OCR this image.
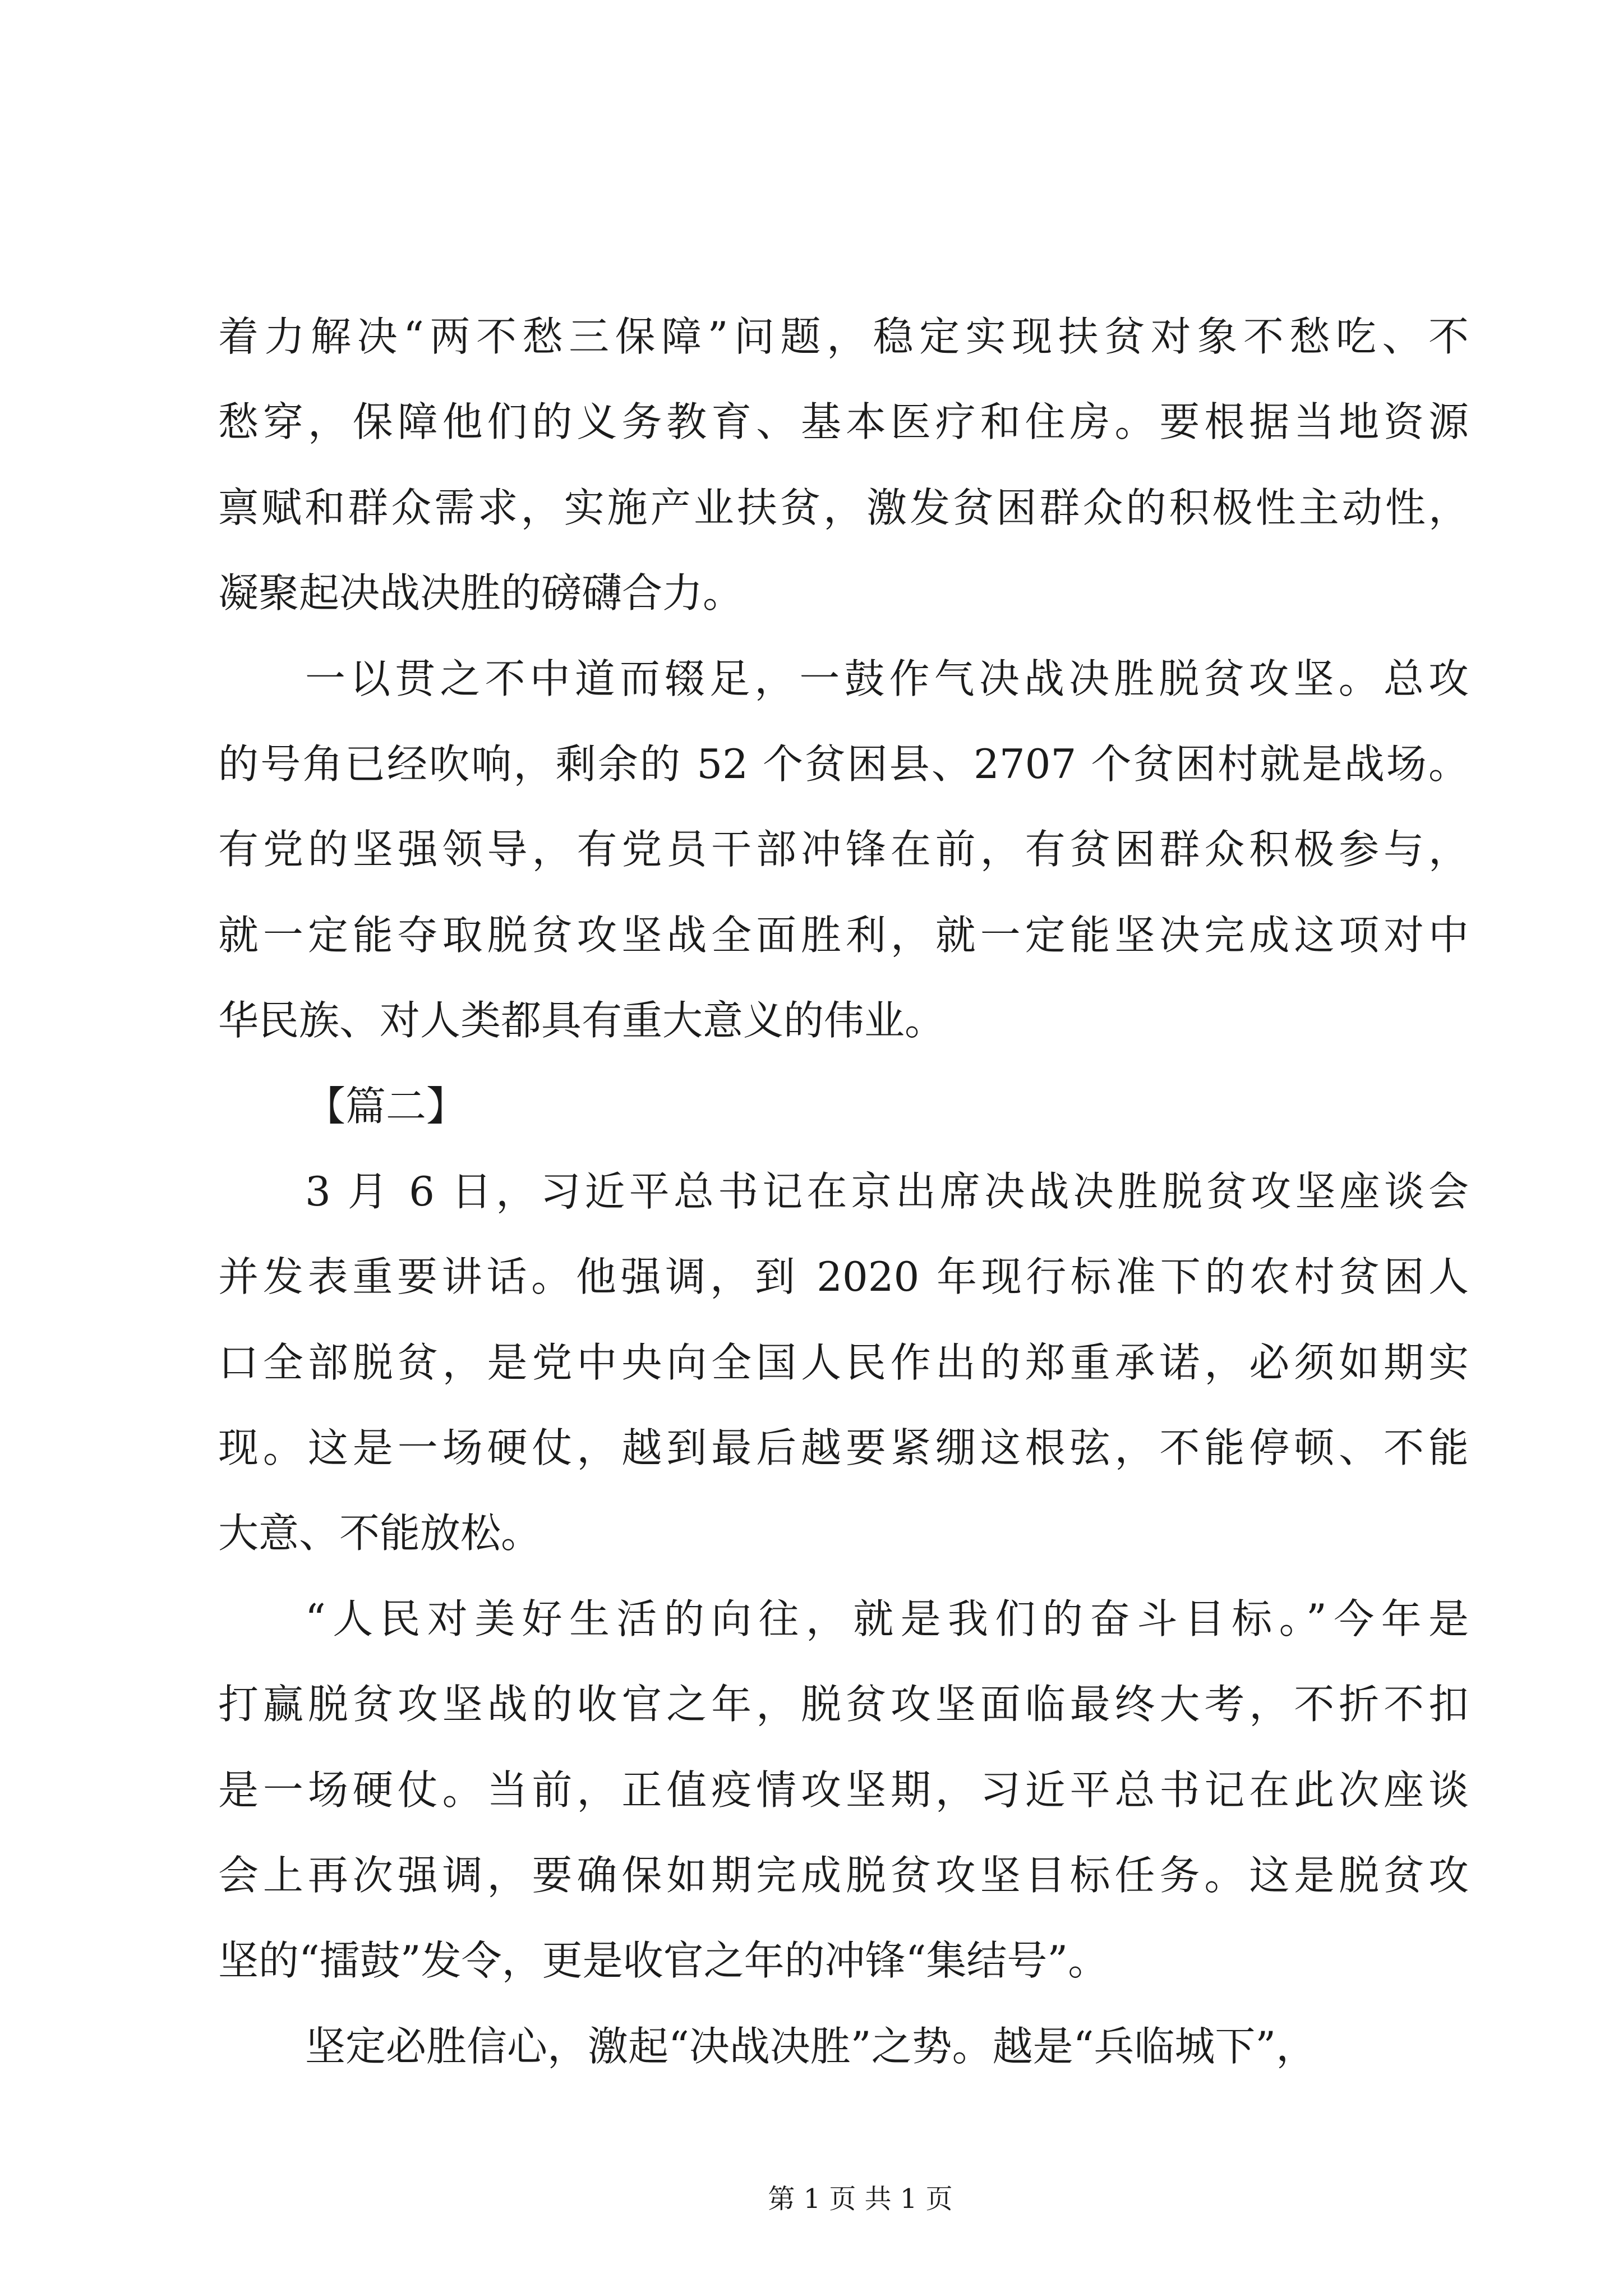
着力解决“两不愁三保障”问题，稳定实现扶贫对象不愁吃、不
愁穿，保障他们的义务教育、基本医疗和住房。要根据当地资源
禀赋和群众需求，实施产业扶贫，激发贫困群众的积极性主动性，
凝聚起决战决胜的磅礴合力。
一以贯之不中道而辍足，一鼓作气决战决胜脱贫攻坚。总攻
的号角已经吹响，剩余的 52 个贫困县、2707 个贫困村就是战场。
有党的坚强领导，有党员干部冲锋在前，有贫困群众积极参与，
就一定能夺取脱贫攻坚战全面胜利，就一定能坚决完成这项对中
华民族、对人类都具有重大意义的伟业。
【篇二】
3 月 6 日，习近平总书记在京出席决战决胜脱贫攻坚座谈会
并发表重要讲话。他强调，到 2020 年现行标准下的农村贫困人
口全部脱贫，是党中央向全国人民作出的郑重承诺，必须如期实
现。这是一场硬仗，越到最后越要紧绷这根弦，不能停顿、不能
大意、不能放松。
“人民对美好生活的向往，就是我们的奋斗目标。”今年是
打赢脱贫攻坚战的收官之年，脱贫攻坚面临最终大考，不折不扣
是一场硬仗。当前，正值疫情攻坚期，习近平总书记在此次座谈
会上再次强调，要确保如期完成脱贫攻坚目标任务。这是脱贫攻
坚的“擂鼓”发令，更是收官之年的冲锋“集结号”。
坚定必胜信心，激起“决战决胜”之势。越是“兵临城下”，
第 1 页 共 1 页
